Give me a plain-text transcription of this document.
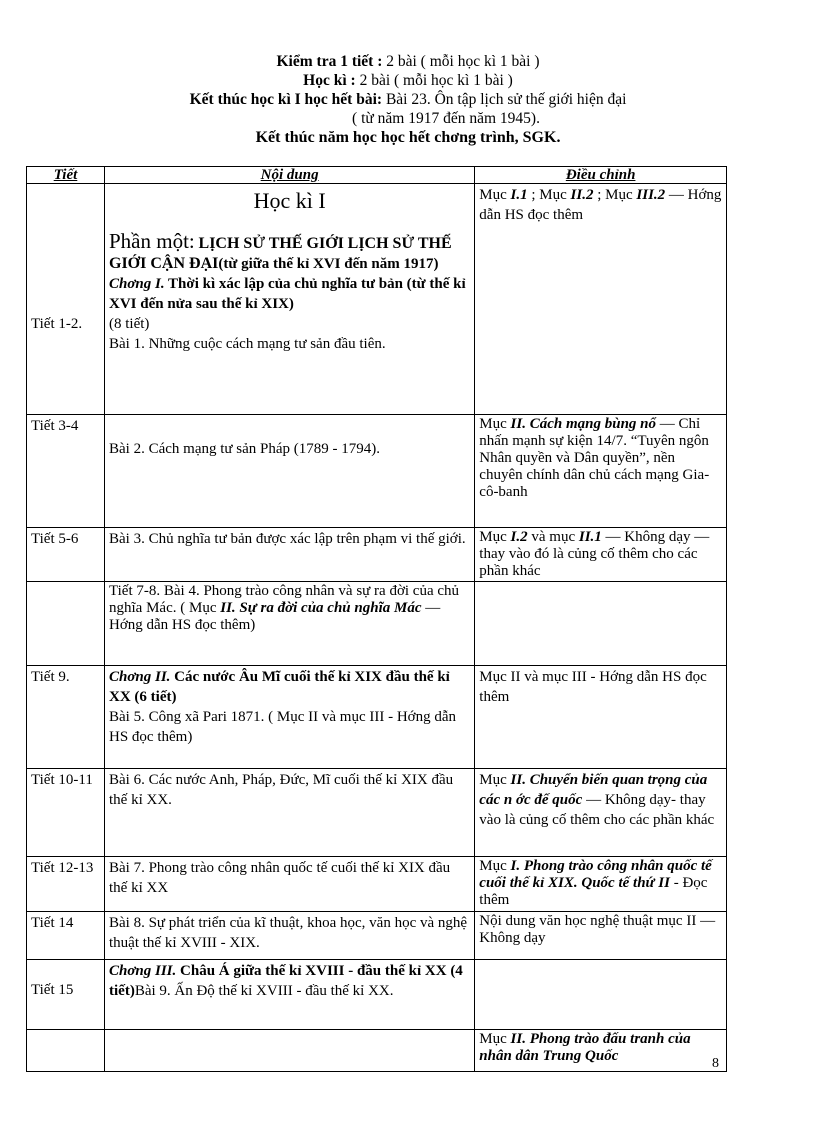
Kiểm tra 1 tiết : 2 bài ( mỗi học kì 1 bài )
Học kì : 2 bài ( mỗi học kì 1 bài )
Kết thúc học kì I học hết bài: Bài 23. Ôn tập lịch sử thế giới hiện đại
( từ năm 1917 đến năm 1945).
Kết thúc năm học học hết chơng trình, SGK.
Tiết	Nội dung	Điều chỉnh
Tiết 1-2.	Học kì I
Phần một: LỊCH SỬ THẾ GIỚI LỊCH SỬ THẾ GIỚI CẬN ĐẠI(từ giữa thế kỉ XVI đến năm 1917)
Chơng I. Thời kì xác lập của chủ nghĩa tư bản (từ thế kỉ XVI đến nửa sau thế kỉ XIX)
(8 tiết)
Bài 1. Những cuộc cách mạng tư sản đầu tiên.	Mục I.1 ; Mục II.2 ; Mục III.2 — Hớng dẫn HS đọc thêm
Tiết 3-4	Bài 2. Cách mạng tư sản Pháp (1789 - 1794).	Mục II. Cách mạng bùng nổ — Chỉ nhấn mạnh sự kiện 14/7. “Tuyên ngôn Nhân quyền và Dân quyền”, nền chuyên chính dân chủ cách mạng Gia-cô-banh
Tiết 5-6	Bài 3. Chủ nghĩa tư bản được xác lập trên phạm vi thế giới.	Mục I.2 và mục II.1 — Không dạy — thay vào đó là củng cố thêm cho các phần khác
	Tiết 7-8. Bài 4. Phong trào công nhân và sự ra đời của chủ nghĩa Mác. ( Mục II. Sự ra đời của chủ nghĩa Mác — Hớng dẫn HS đọc thêm)	
Tiết 9.	Chơng II. Các nước Âu Mĩ cuối thế kỉ XIX đầu thế kỉ XX (6 tiết)
Bài 5. Công xã Pari 1871. ( Mục II và mục III - Hớng dẫn HS đọc thêm)	Mục II và mục III - Hớng dẫn HS đọc thêm
Tiết 10-11	Bài 6. Các nước Anh, Pháp, Đức, Mĩ cuối thế kỉ XIX đầu thế kỉ XX.	Mục II. Chuyển biến quan trọng của các n ớc đế quốc — Không dạy- thay vào là củng cố thêm cho các phần khác
Tiết 12-13	Bài 7. Phong trào công nhân quốc tế cuối thế kỉ XIX đầu thế kỉ XX	Mục I. Phong trào công nhân quốc tế cuối thế kỉ XIX. Quốc tế thứ II - Đọc thêm
Tiết 14	Bài 8. Sự phát triển của kĩ thuật, khoa học, văn học và nghệ thuật thế kỉ XVIII - XIX.	Nội dung văn học nghệ thuật mục II — Không dạy
Tiết 15	Chơng III. Châu Á giữa thế kỉ XVIII - đầu thế kỉ XX (4 tiết)Bài 9. Ấn Độ thế kỉ XVIII - đầu thế kỉ XX.	
		Mục II. Phong trào đấu tranh của nhân dân Trung Quốc	8
